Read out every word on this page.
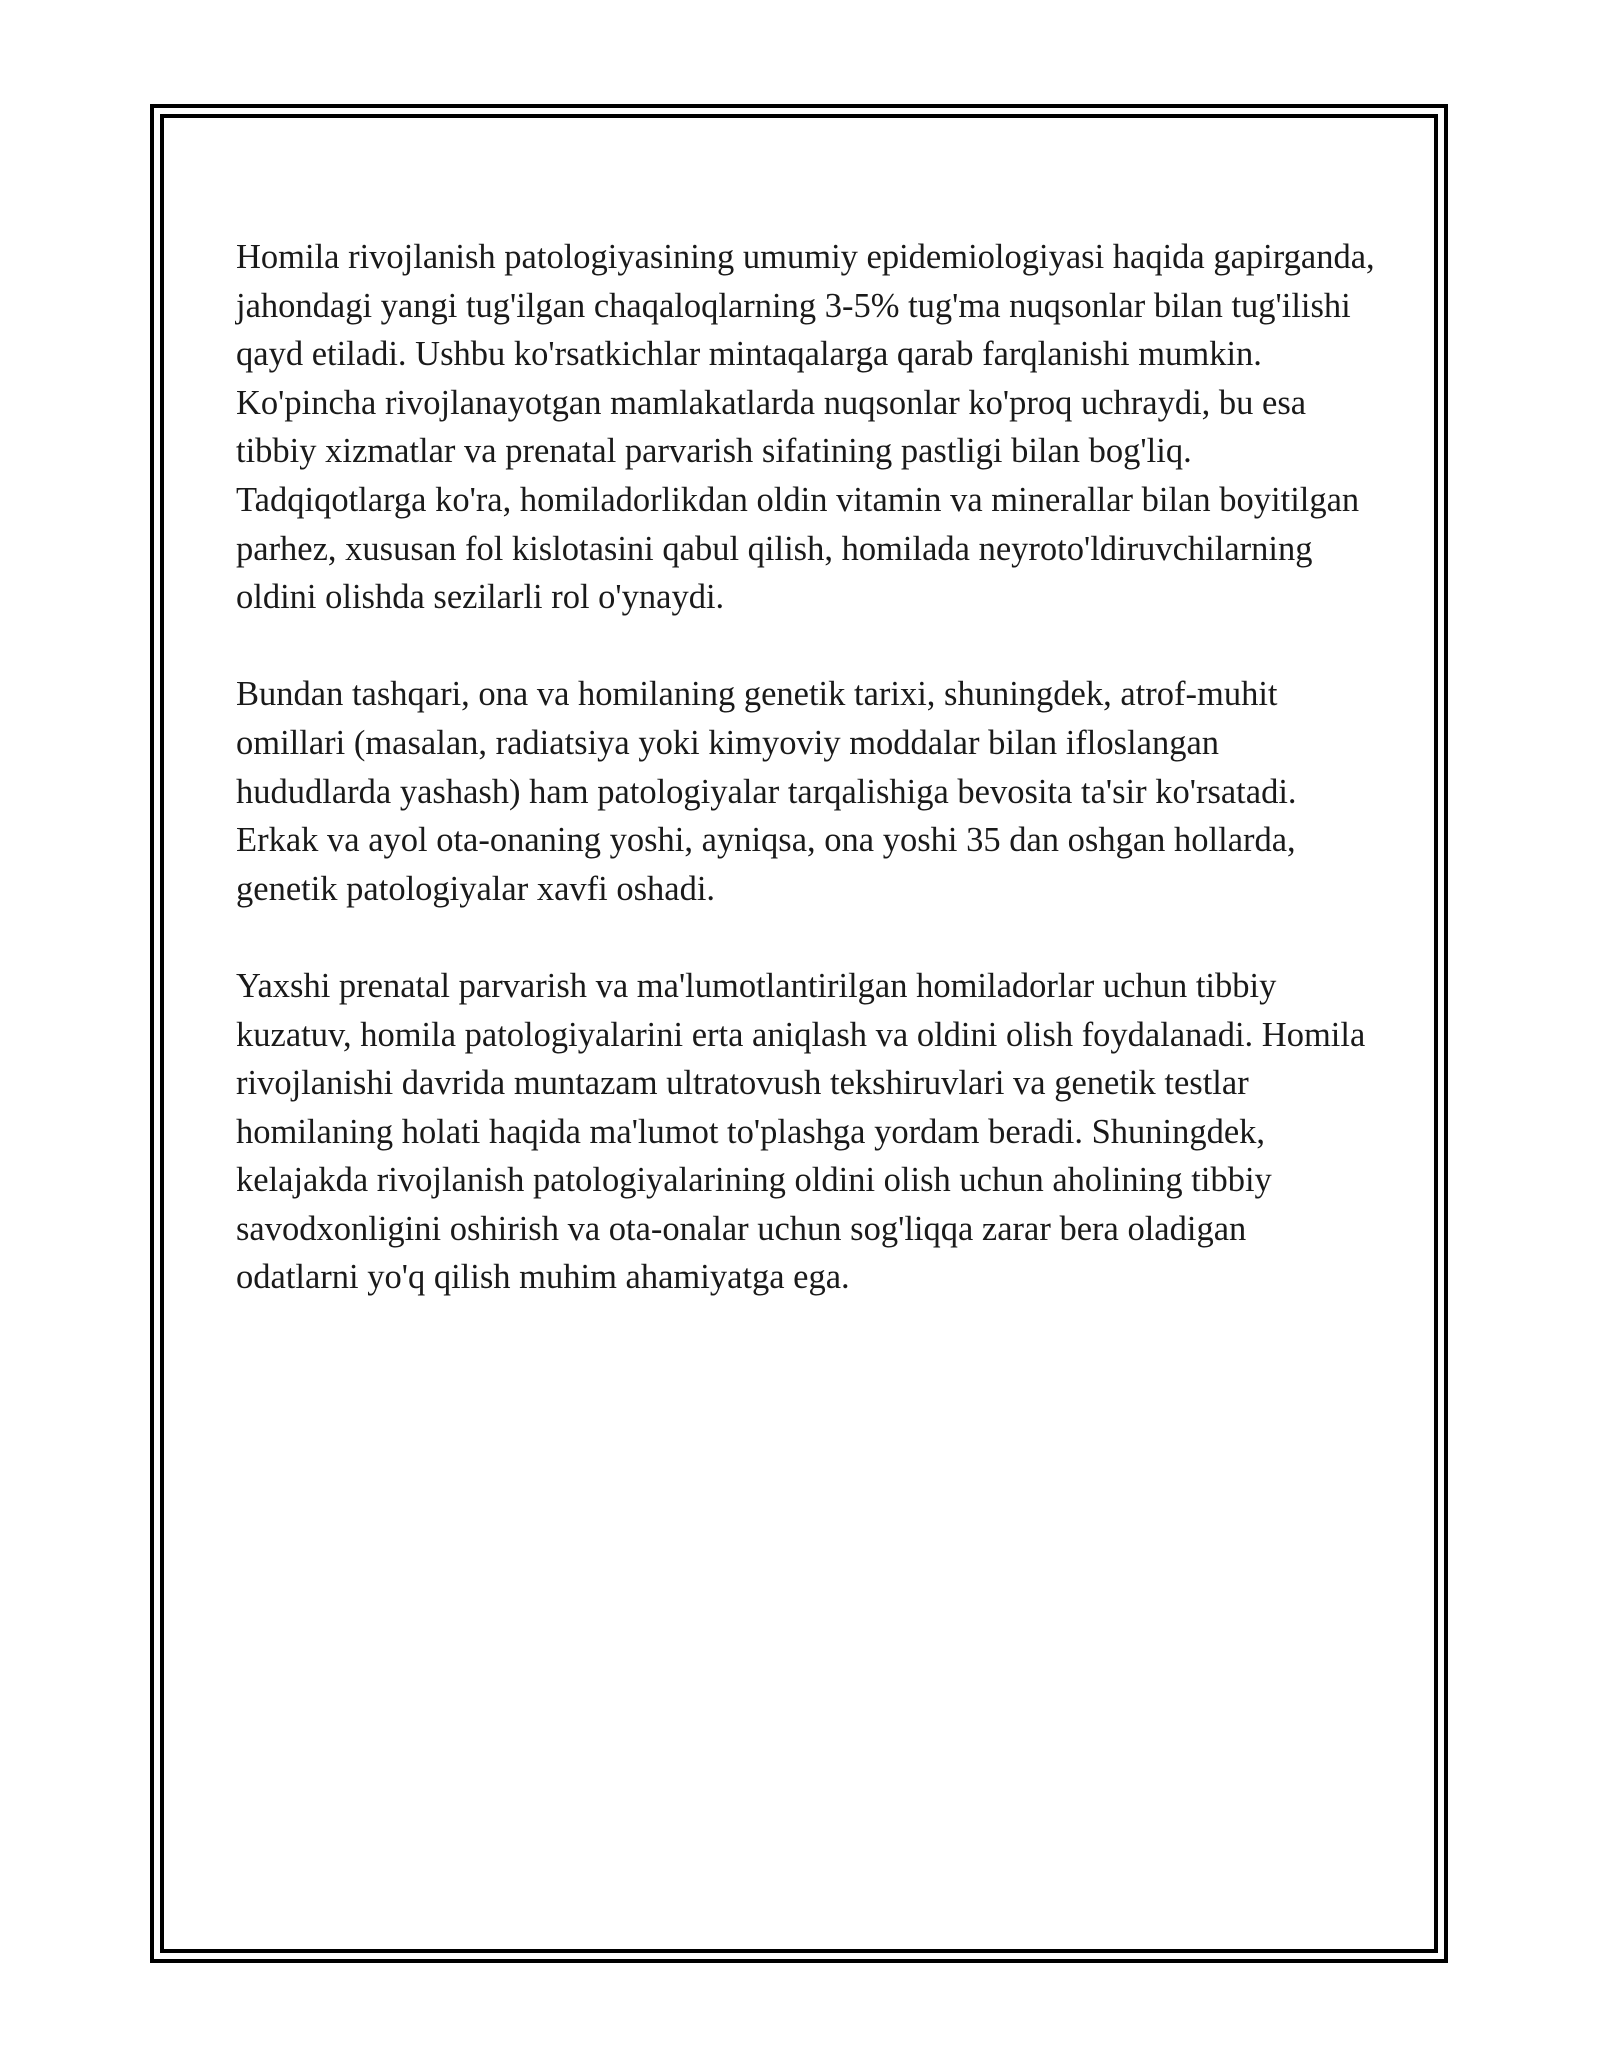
Homila rivojlanish patologiyasining umumiy epidemiologiyasi haqida gapirganda, jahondagi yangi tug'ilgan chaqaloqlarning 3-5% tug'ma nuqsonlar bilan tug'ilishi qayd etiladi. Ushbu ko'rsatkichlar mintaqalarga qarab farqlanishi mumkin. Ko'pincha rivojlanayotgan mamlakatlarda nuqsonlar ko'proq uchraydi, bu esa tibbiy xizmatlar va prenatal parvarish sifatining pastligi bilan bog'liq. Tadqiqotlarga ko'ra, homiladorlikdan oldin vitamin va minerallar bilan boyitilgan parhez, xususan fol kislotasini qabul qilish, homilada neyroto'ldiruvchilarning oldini olishda sezilarli rol o'ynaydi.

Bundan tashqari, ona va homilaning genetik tarixi, shuningdek, atrof-muhit omillari (masalan, radiatsiya yoki kimyoviy moddalar bilan ifloslangan hududlarda yashash) ham patologiyalar tarqalishiga bevosita ta'sir ko'rsatadi. Erkak va ayol ota-onaning yoshi, ayniqsa, ona yoshi 35 dan oshgan hollarda, genetik patologiyalar xavfi oshadi.

Yaxshi prenatal parvarish va ma'lumotlantirilgan homiladorlar uchun tibbiy kuzatuv, homila patologiyalarini erta aniqlash va oldini olish foydalanadi. Homila rivojlanishi davrida muntazam ultratovush tekshiruvlari va genetik testlar homilaning holati haqida ma'lumot to'plashga yordam beradi. Shuningdek, kelajakda rivojlanish patologiyalarining oldini olish uchun aholining tibbiy savodxonligini oshirish va ota-onalar uchun sog'liqqa zarar bera oladigan odatlarni yo'q qilish muhim ahamiyatga ega.
